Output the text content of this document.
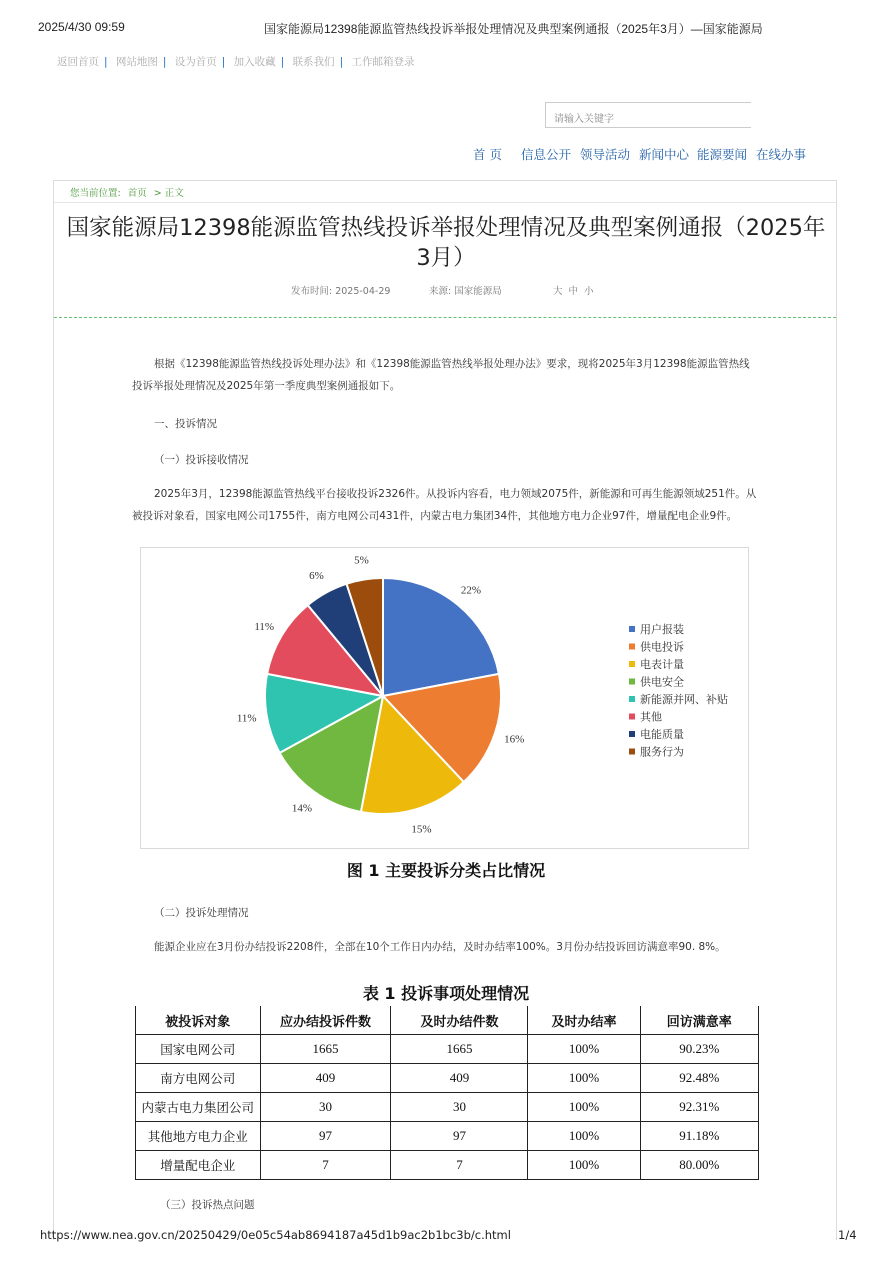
2025/4/30 09:59	国家能源局12398能源监管热线投诉举报处理情况及典型案例通报（2025年3月）—国家能源局
返回首页 | 网站地图 | 设为首页 | 加入收藏 | 联系我们 | 工作邮箱登录
请输入关键字
首 页 信息公开 领导活动 新闻中心 能源要闻 在线办事
您当前位置: 首页 > 正文
国家能源局12398能源监管热线投诉举报处理情况及典型案例通报（2025年3月）
发布时间: 2025-04-29	来源: 国家能源局	大  中  小
根据《12398能源监管热线投诉处理办法》和《12398能源监管热线举报处理办法》要求，现将2025年3月12398能源监管热线投诉举报处理情况及2025年第一季度典型案例通报如下。
一、投诉情况
（一）投诉接收情况
2025年3月，12398能源监管热线平台接收投诉2326件。从投诉内容看，电力领域2075件，新能源和可再生能源领域251件。从被投诉对象看，国家电网公司1755件，南方电网公司431件，内蒙古电力集团34件，其他地方电力企业97件，增量配电企业9件。
22%
16%
15%
14%
11%
11%
6%
5%
用户报装
供电投诉
电表计量
供电安全
新能源并网、补贴
其他
电能质量
服务行为
图 1 主要投诉分类占比情况
（二）投诉处理情况
能源企业应在3月份办结投诉2208件，全部在10个工作日内办结，及时办结率100%。3月份办结投诉回访满意率90. 8%。
表 1 投诉事项处理情况
被投诉对象	应办结投诉件数	及时办结件数	及时办结率	回访满意率
国家电网公司	1665	1665	100%	90.23%
南方电网公司	409	409	100%	92.48%
内蒙古电力集团公司	30	30	100%	92.31%
其他地方电力企业	97	97	100%	91.18%
增量配电企业	7	7	100%	80.00%
（三）投诉热点问题
https://www.nea.gov.cn/20250429/0e05c54ab8694187a45d1b9ac2b1bc3b/c.html	1/4
